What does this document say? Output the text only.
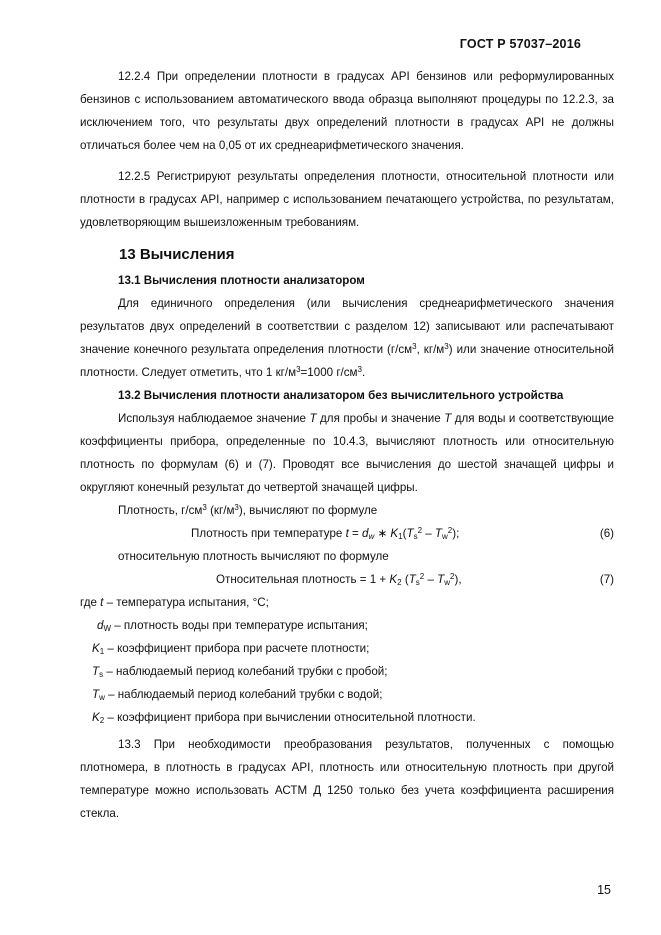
ГОСТ Р 57037–2016

12.2.4 При определении плотности в градусах API бензинов или реформулированных бензинов с использованием автоматического ввода образца выполняют процедуры по 12.2.3, за исключением того, что результаты двух определений плотности в градусах API не должны отличаться более чем на 0,05 от их среднеарифметического значения.

12.2.5 Регистрируют результаты определения плотности, относительной плотности или плотности в градусах API, например с использованием печатающего устройства, по результатам, удовлетворяющим вышеизложенным требованиям.

13 Вычисления

13.1 Вычисления плотности анализатором

Для единичного определения (или вычисления среднеарифметического значения результатов двух определений в соответствии с разделом 12) записывают или распечатывают значение конечного результата определения плотности ($г/см^3$, $кг/м^3$) или значение относительной плотности. Следует отметить, что 1 $кг/м^3=1000$ $г/см^3$.

13.2 Вычисления плотности анализатором без вычислительного устройства

Используя наблюдаемое значение T для пробы и значение T для воды и соответствующие коэффициенты прибора, определенные по 10.4.3, вычисляют плотность или относительную плотность по формулам (6) и (7). Проводят все вычисления до шестой значащей цифры и округляют конечный результат до четвертой значащей цифры.

Плотность, $г/см^3$ $(кг/м^3)$, вычисляют по формуле

Плотность при температуре $t = d_w$ ∗ $K_1(T_s^2 - T_w^2)$;	(6)

относительную плотность вычисляют по формуле

Относительная плотность = $1 + K_2$ $(T_s^2 - T_w^2)$,	(7)

где t – температура испытания, °С;

$d_W$ – плотность воды при температуре испытания;

$K_1$ – коэффициент прибора при расчете плотности;

$T_s$ – наблюдаемый период колебаний трубки с пробой;

$T_w$ – наблюдаемый период колебаний трубки с водой;

$K_2$ – коэффициент прибора при вычислении относительной плотности.

13.3 При необходимости преобразования результатов, полученных с помощью плотномера, в плотность в градусах API, плотность или относительную плотность при другой температуре можно использовать АСТМ Д 1250 только без учета коэффициента расширения стекла.

15
